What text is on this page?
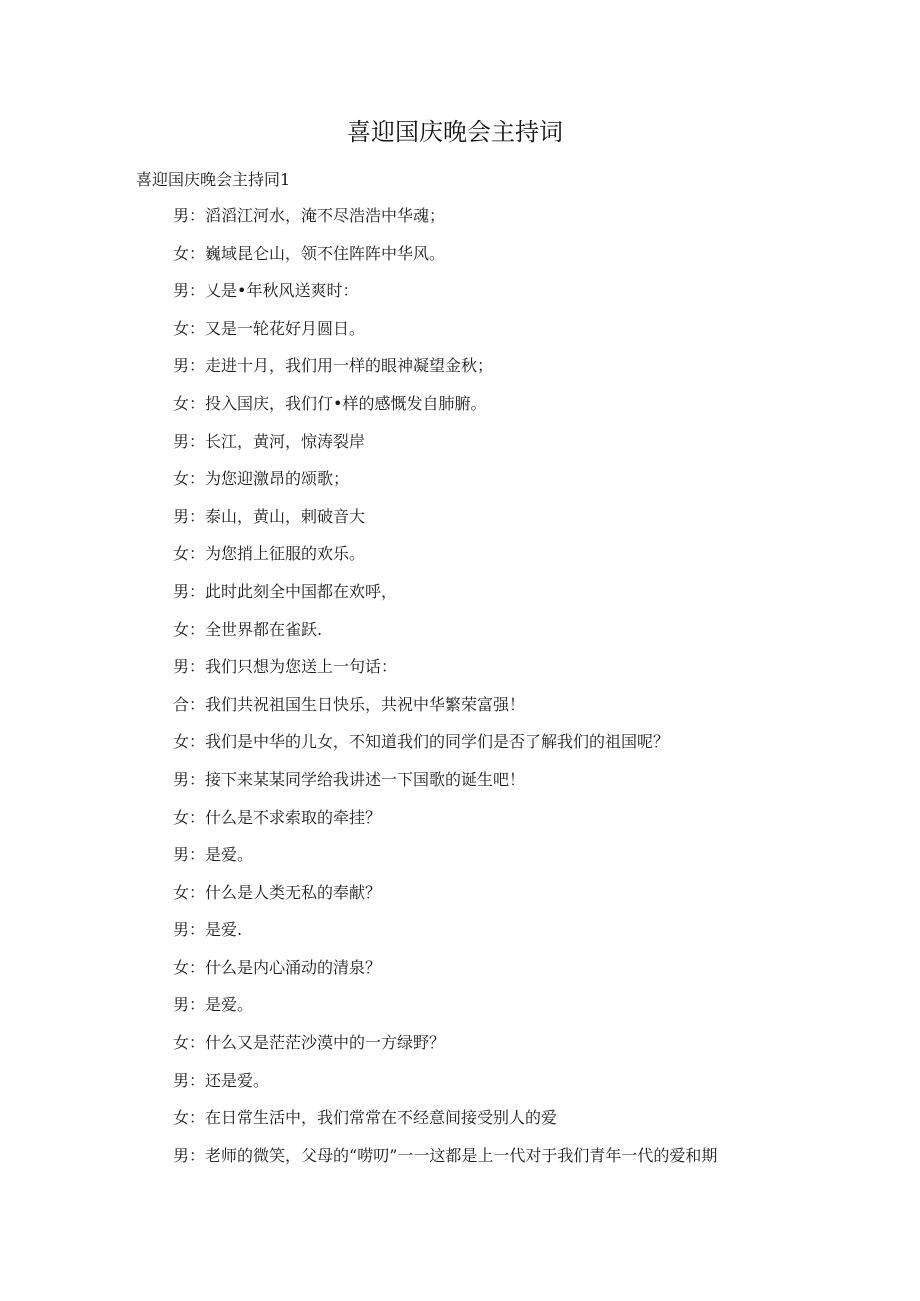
喜迎国庆晚会主持词
喜迎国庆晚会主持同1
男：滔滔江河水，淹不尽浩浩中华魂；
女：巍域昆仑山，领不住阵阵中华风。
男：乂是•年秋风送爽时：
女：又是一轮花好月圆日。
男：走进十月，我们用一样的眼神凝望金秋；
女：投入国庆，我们仃•样的感慨发自肺腑。
男：长江，黄河，惊涛裂岸
女：为您迎激昂的颂歌；
男：泰山，黄山，剌破音大
女：为您捎上征服的欢乐。
男：此时此刻全中国都在欢呼，
女：全世界都在雀跃.
男：我们只想为您送上一句话：
合：我们共祝祖国生日快乐，共祝中华繁荣富强！
女：我们是中华的儿女，不知道我们的同学们是否了解我们的祖国呢？
男：接下来某某同学给我讲述一下国歌的诞生吧！
女：什么是不求索取的牵挂？
男：是爱。
女：什么是人类无私的奉献？
男：是爱.
女：什么是内心涌动的清泉？
男：是爱。
女：什么又是茫茫沙漠中的一方绿野？
男：还是爱。
女：在日常生活中，我们常常在不经意间接受别人的爱
男：老师的微笑，父母的“唠叨”一一这都是上一代对于我们青年一代的爱和期
